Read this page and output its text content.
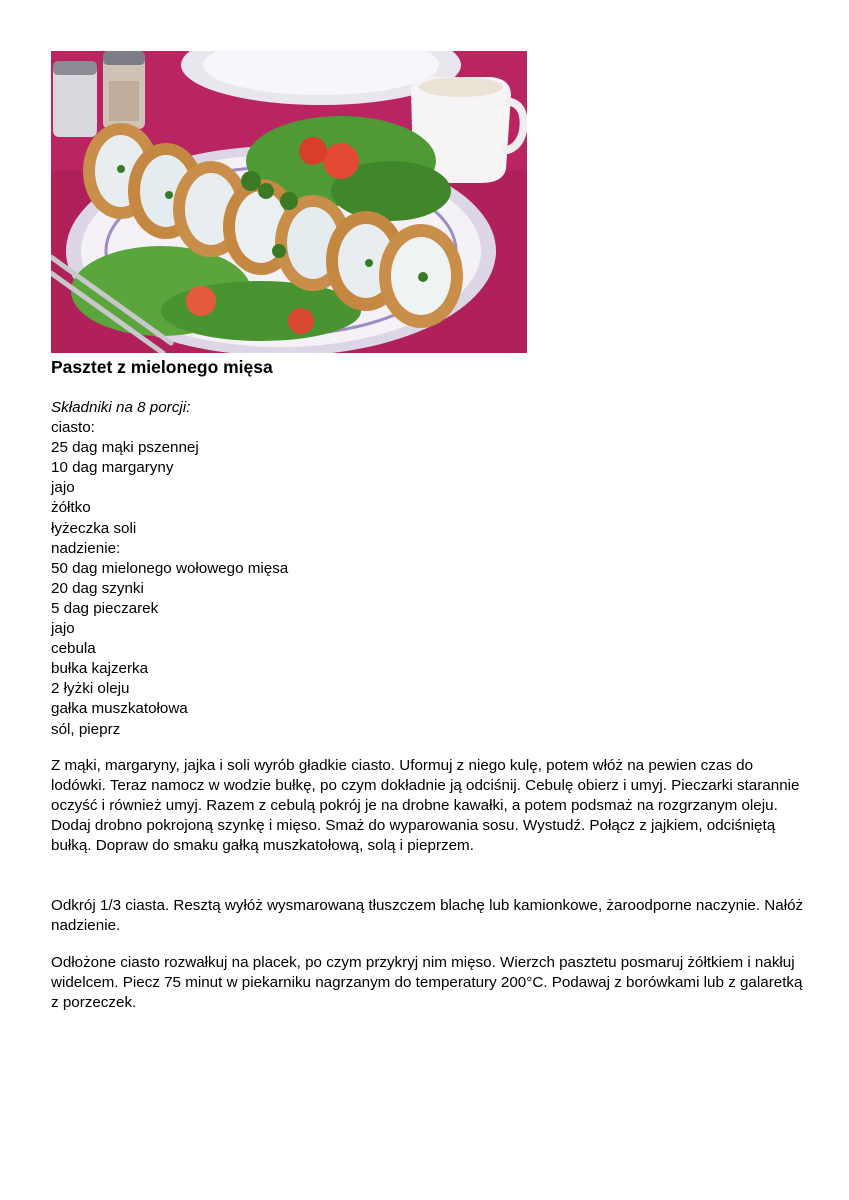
Pasztet z mielonego mięsa
Składniki na 8 porcji:
ciasto:
25 dag mąki pszennej
10 dag margaryny
jajo
żółtko
łyżeczka soli
nadzienie:
50 dag mielonego wołowego mięsa
20 dag szynki
5 dag pieczarek
jajo
cebula
bułka kajzerka
2 łyżki oleju
gałka muszkatołowa
sól, pieprz

Z mąki, margaryny, jajka i soli wyrób gładkie ciasto. Uformuj z niego kulę, potem włóż na pewien czas do lodówki. Teraz namocz w wodzie bułkę, po czym dokładnie ją odciśnij. Cebulę obierz i umyj. Pieczarki starannie oczyść i również umyj. Razem z cebulą pokrój je na drobne kawałki, a potem podsmaż na rozgrzanym oleju. Dodaj drobno pokrojoną szynkę i mięso. Smaż do wyparowania sosu. Wystudź. Połącz z jajkiem, odciśniętą bułką. Dopraw do smaku gałką muszkatołową, solą i pieprzem.

Odkrój 1/3 ciasta. Resztą wyłóż wysmarowaną tłuszczem blachę lub kamionkowe, żaroodporne naczynie. Nałóż nadzienie.

Odłożone ciasto rozwałkuj na placek, po czym przykryj nim mięso. Wierzch pasztetu posmaruj żółtkiem i nakłuj widelcem. Piecz 75 minut w piekarniku nagrzanym do temperatury 200°C. Podawaj z borówkami lub z galaretką z porzeczek.
